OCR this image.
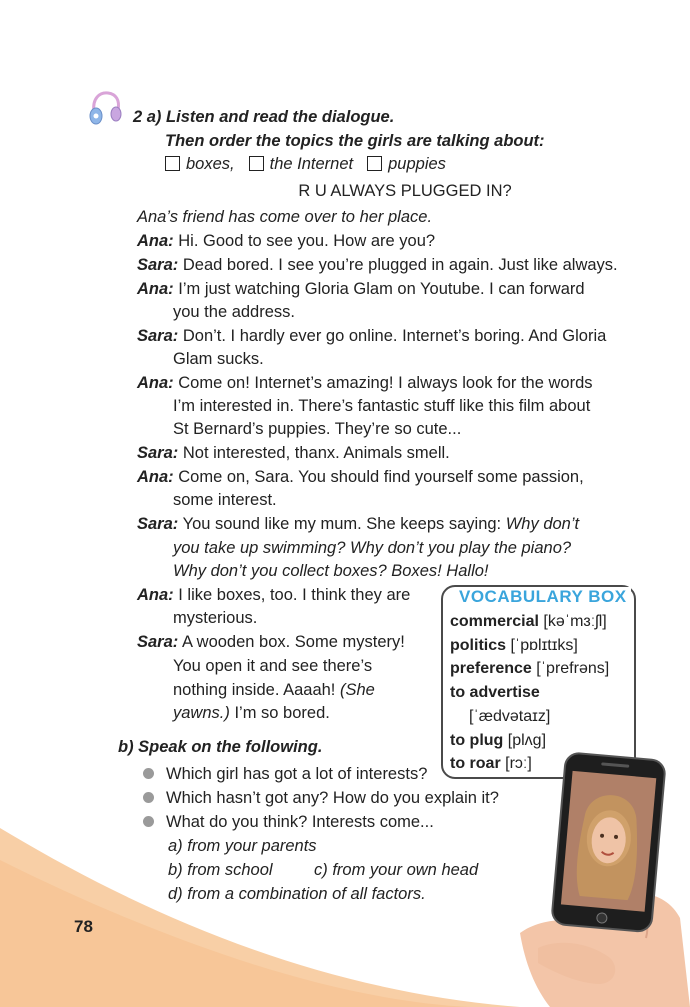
2 a) Listen and read the dialogue.
Then order the topics the girls are talking about:
boxes, the Internet puppies
R U ALWAYS PLUGGED IN?
Ana’s friend has come over to her place.
Ana: Hi. Good to see you. How are you?
Sara: Dead bored. I see you’re plugged in again. Just like always.
Ana: I’m just watching Gloria Glam on Youtube. I can forward
you the address.
Sara: Don’t. I hardly ever go online. Internet’s boring. And Gloria
Glam sucks.
Ana: Come on! Internet’s amazing! I always look for the words
I’m interested in. There’s fantastic stuff like this film about
St Bernard’s puppies. They’re so cute...
Sara: Not interested, thanx. Animals smell.
Ana: Come on, Sara. You should find yourself some passion,
some interest.
Sara: You sound like my mum. She keeps saying: Why don’t
you take up swimming? Why don’t you play the piano?
Why don’t you collect boxes? Boxes! Hallo!
Ana: I like boxes, too. I think they are
mysterious.
Sara: A wooden box. Some mystery!
You open it and see there’s
nothing inside. Aaaah! (She
yawns.) I’m so bored.
VOCABULARY BOX
commercial [kəˈmɜːʃl]
politics [ˈpɒlɪtɪks]
preference [ˈprefrəns]
to advertise
[ˈædvətaɪz]
to plug [plʌg]
to roar [rɔː]
b) Speak on the following.
Which girl has got a lot of interests?
Which hasn’t got any? How do you explain it?
What do you think? Interests come...
a) from your parents
b) from school	c) from your own head
d) from a combination of all factors.
78
